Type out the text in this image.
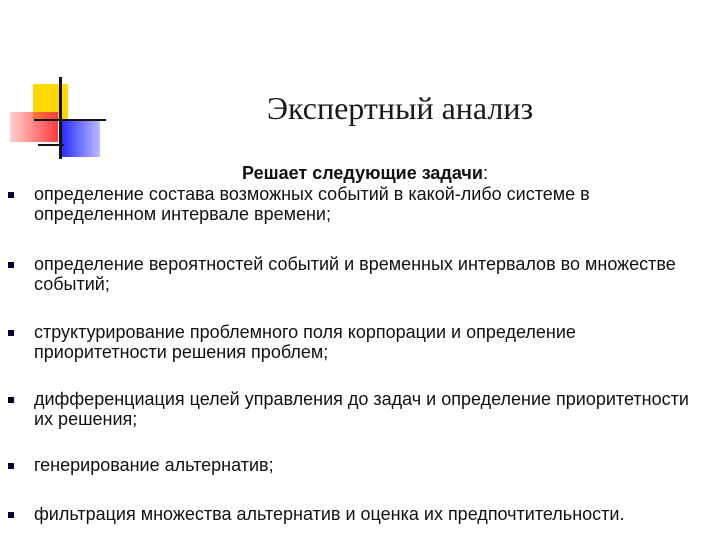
Экспертный анализ
Решает следующие задачи:
определение состава возможных событий в какой-либо системе в определенном интервале времени;
определение вероятностей событий и временных интервалов во множестве событий;
структурирование проблемного поля корпорации и определение приоритетности решения проблем;
дифференциация целей управления до задач и определение приоритетности их решения;
генерирование альтернатив;
фильтрация множества альтернатив и оценка их предпочтительности.
